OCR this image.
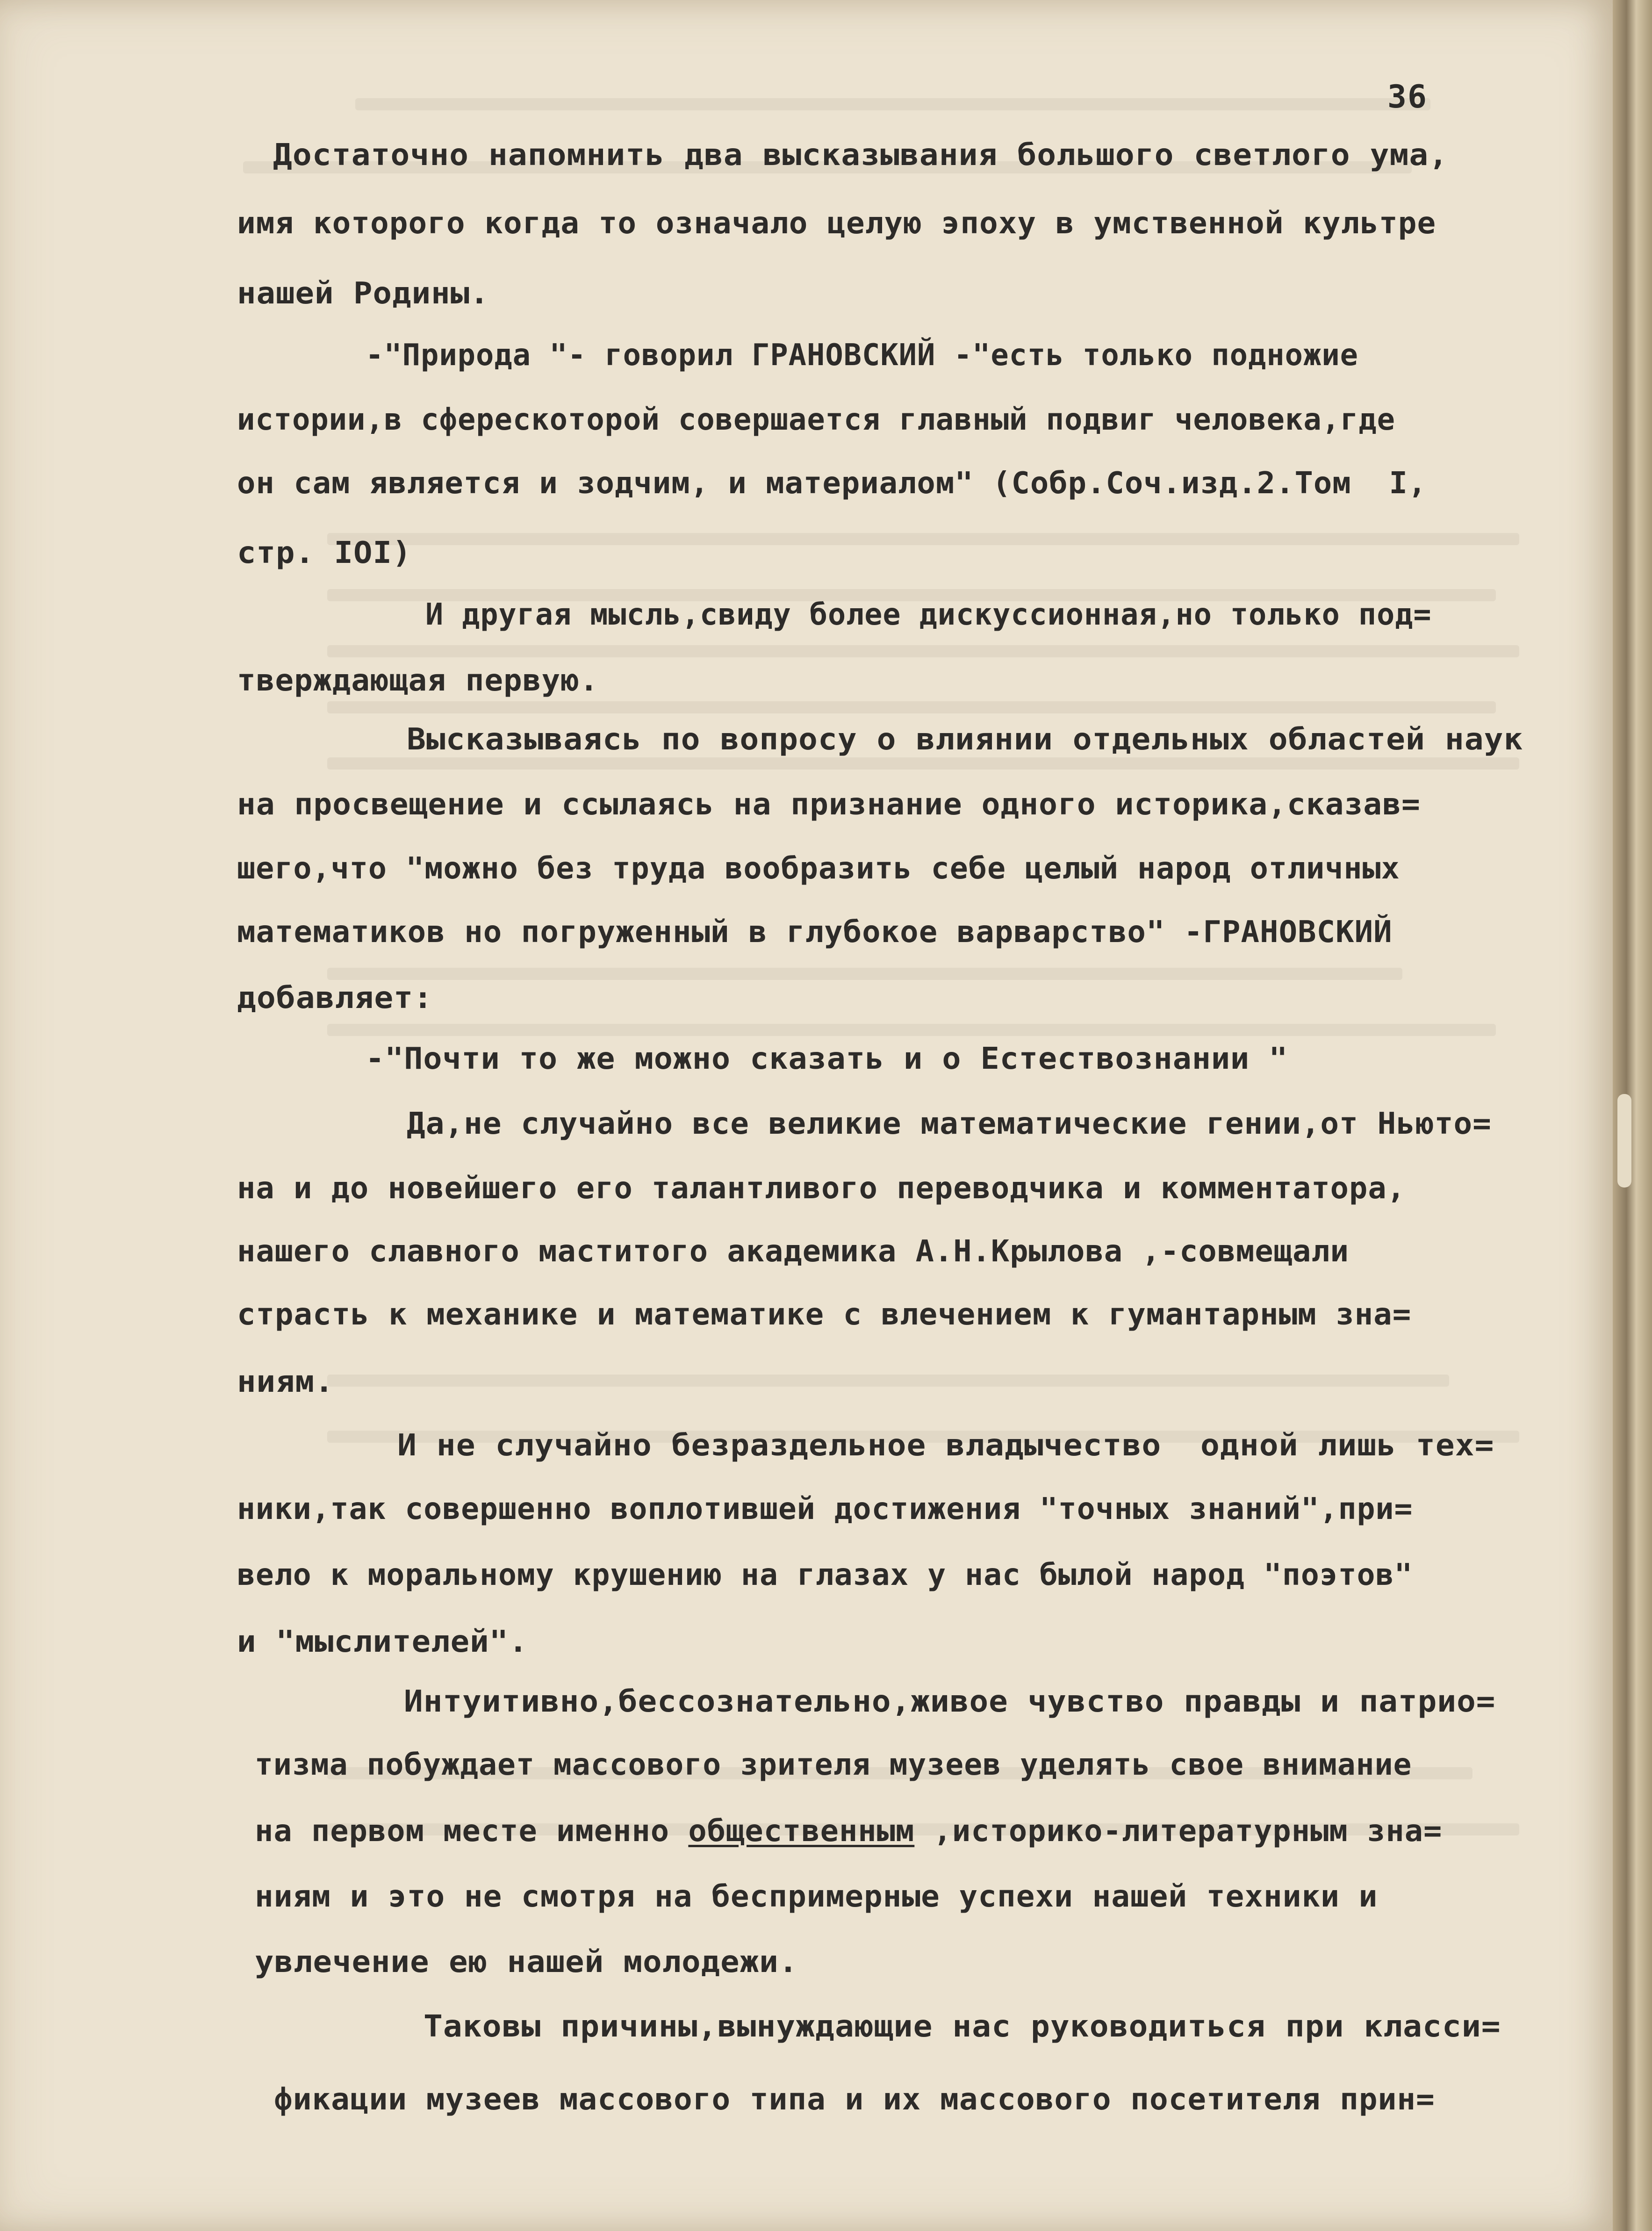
36
Достаточно напомнить два высказывания большого светлого ума,
имя которого когда то означало целую эпоху в умственной культре
нашей Родины.
-"Природа "- говорил ГРАНОВСКИЙ -"есть только подножие
истории,в сферескоторой совершается главный подвиг человека,где
он сам является и зодчим, и материалом" (Собр.Соч.изд.2.Том  I,
стр. IOI)
И другая мысль,свиду более дискуссионная,но только под=
тверждающая первую.
Высказываясь по вопросу о влиянии отдельных областей наук
на просвещение и ссылаясь на признание одного историка,сказав=
шего,что "можно без труда вообразить себе целый народ отличных
математиков но погруженный в глубокое варварство" -ГРАНОВСКИЙ
добавляет:
-"Почти то же можно сказать и о Естествознании "
Да,не случайно все великие математические гении,от Ньюто=
на и до новейшего его талантливого переводчика и комментатора,
нашего славного маститого академика А.Н.Крылова ,-совмещали
страсть к механике и математике с влечением к гумантарным зна=
ниям.
И не случайно безраздельное владычество  одной лишь тех=
ники,так совершенно воплотившей достижения "точных знаний",при=
вело к моральному крушению на глазах у нас былой народ "поэтов"
и "мыслителей".
Интуитивно,бессознательно,живое чувство правды и патрио=
тизма побуждает массового зрителя музеев уделять свое внимание
на первом месте именно общественным ,историко-литературным зна=
ниям и это не смотря на беспримерные успехи нашей техники и
увлечение ею нашей молодежи.
Таковы причины,вынуждающие нас руководиться при класси=
фикации музеев массового типа и их массового посетителя прин=
